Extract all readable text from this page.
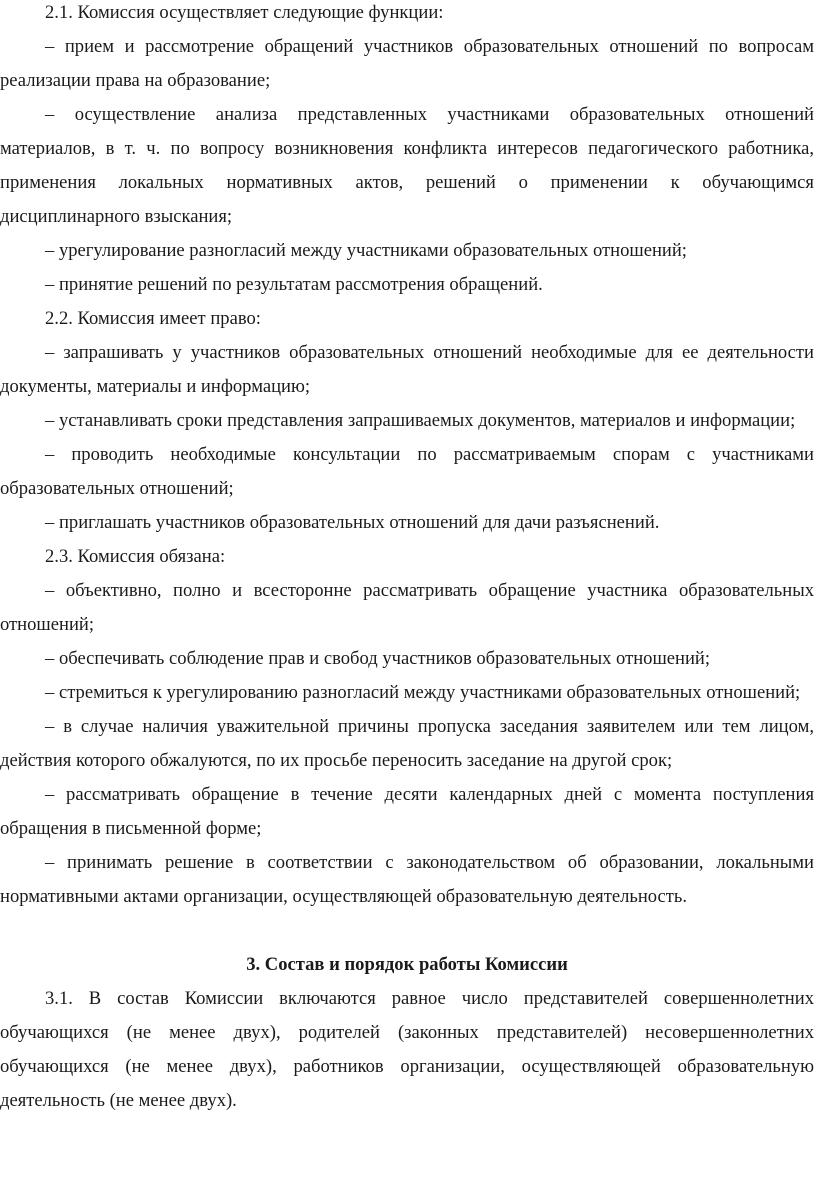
2.1. Комиссия осуществляет следующие функции:

– прием и рассмотрение обращений участников образовательных отношений по вопросам реализации права на образование;

– осуществление анализа представленных участниками образовательных отношений материалов, в т. ч. по вопросу возникновения конфликта интересов педагогического работника, применения локальных нормативных актов, решений о применении к обучающимся дисциплинарного взыскания;

– урегулирование разногласий между участниками образовательных отношений;

– принятие решений по результатам рассмотрения обращений.

2.2. Комиссия имеет право:

– запрашивать у участников образовательных отношений необходимые для ее деятельности документы, материалы и информацию;

– устанавливать сроки представления запрашиваемых документов, материалов и информации;

– проводить необходимые консультации по рассматриваемым спорам с участниками образовательных отношений;

– приглашать участников образовательных отношений для дачи разъяснений.

2.3. Комиссия обязана:

– объективно, полно и всесторонне рассматривать обращение участника образовательных отношений;

– обеспечивать соблюдение прав и свобод участников образовательных отношений;

– стремиться к урегулированию разногласий между участниками образовательных отношений;

– в случае наличия уважительной причины пропуска заседания заявителем или тем лицом, действия которого обжалуются, по их просьбе переносить заседание на другой срок;

– рассматривать обращение в течение десяти календарных дней с момента поступления обращения в письменной форме;

– принимать решение в соответствии с законодательством об образовании, локальными нормативными актами организации, осуществляющей образовательную деятельность.

3. Состав и порядок работы Комиссии

3.1. В состав Комиссии включаются равное число представителей совершеннолетних обучающихся (не менее двух), родителей (законных представителей) несовершеннолетних обучающихся (не менее двух), работников организации, осуществляющей образовательную деятельность (не менее двух).
